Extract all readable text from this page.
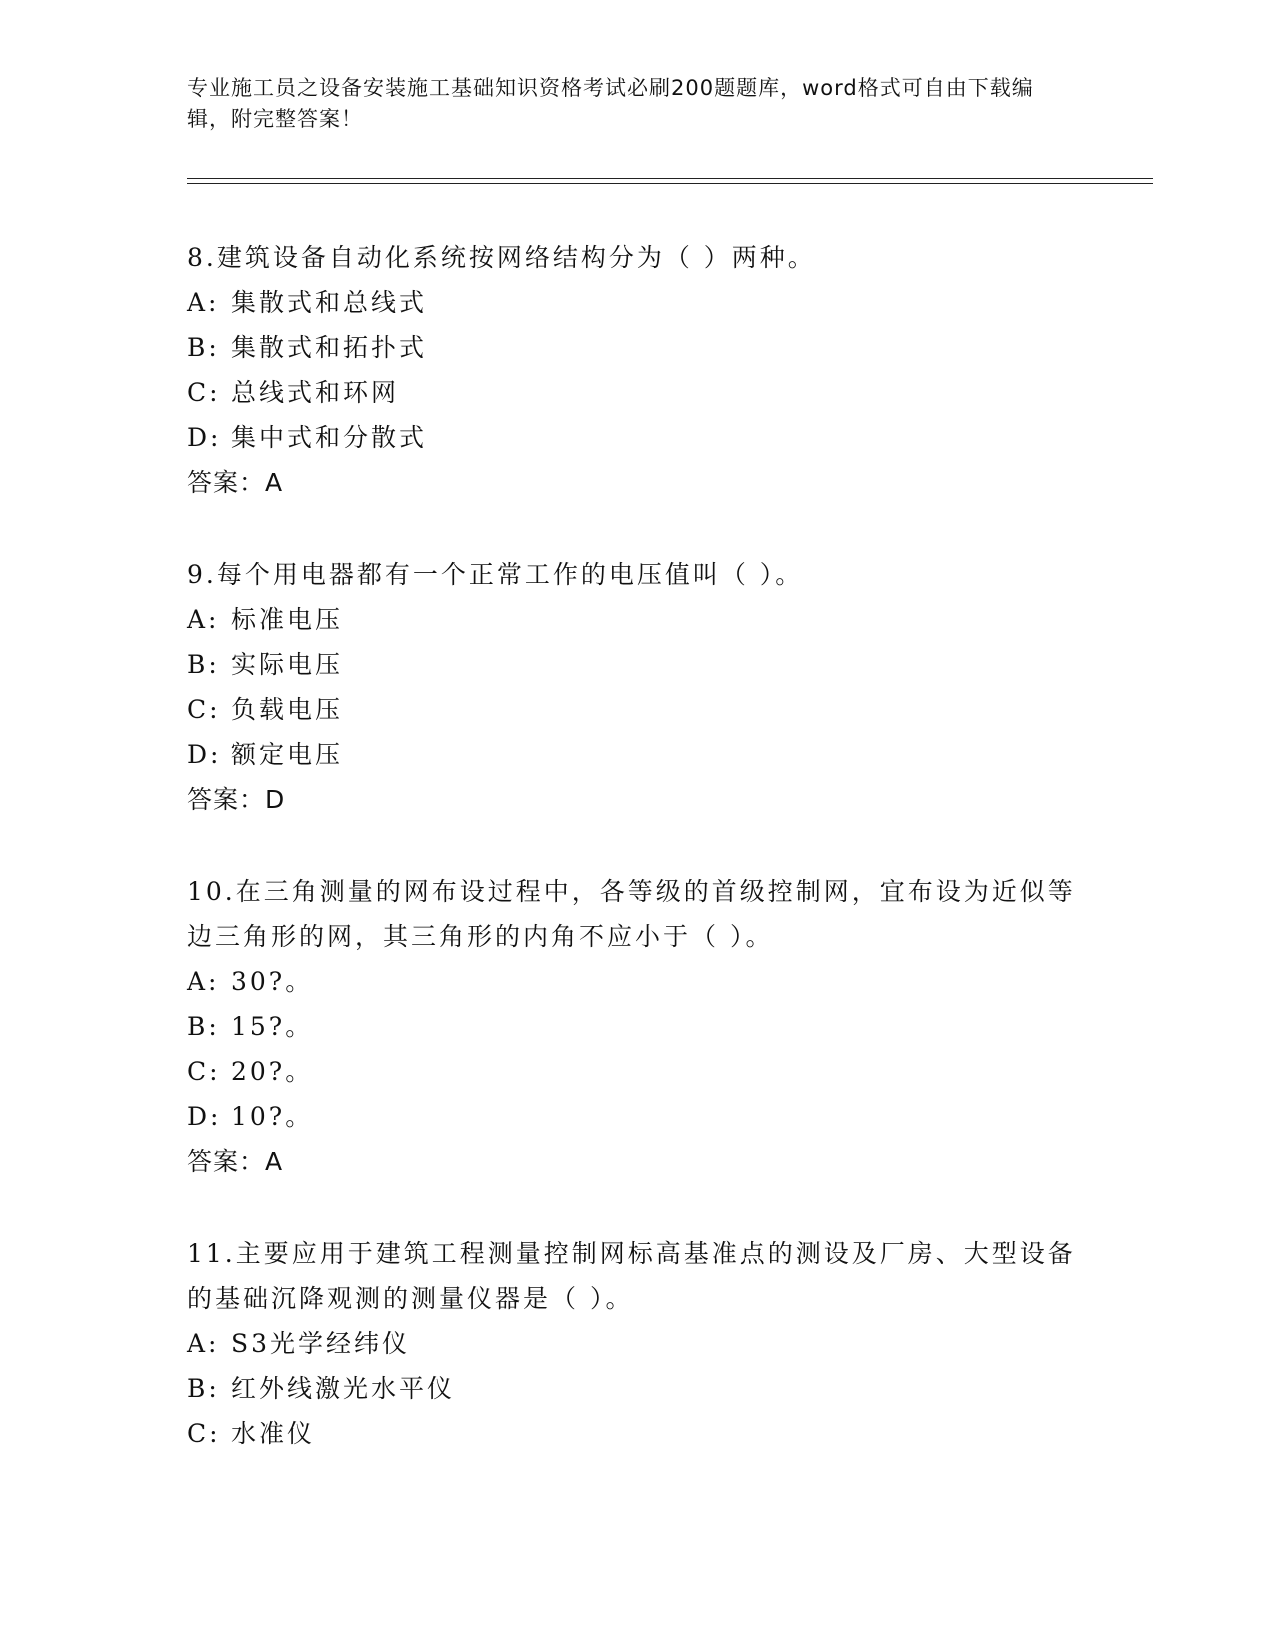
专业施工员之设备安装施工基础知识资格考试必刷200题题库，word格式可自由下载编辑，附完整答案！

8.建筑设备自动化系统按网络结构分为（ ）两种。

A: 集散式和总线式
B: 集散式和拓扑式
C: 总线式和环网
D: 集中式和分散式
答案：A

9.每个用电器都有一个正常工作的电压值叫（ ）。

A: 标准电压
B: 实际电压
C: 负载电压
D: 额定电压
答案：D

10.在三角测量的网布设过程中，各等级的首级控制网，宜布设为近似等边三角形的网，其三角形的内角不应小于（ ）。

A: 30?。
B: 15?。
C: 20?。
D: 10?。
答案：A

11.主要应用于建筑工程测量控制网标高基准点的测设及厂房、大型设备的基础沉降观测的测量仪器是（ ）。

A: S3光学经纬仪
B: 红外线激光水平仪
C: 水准仪
